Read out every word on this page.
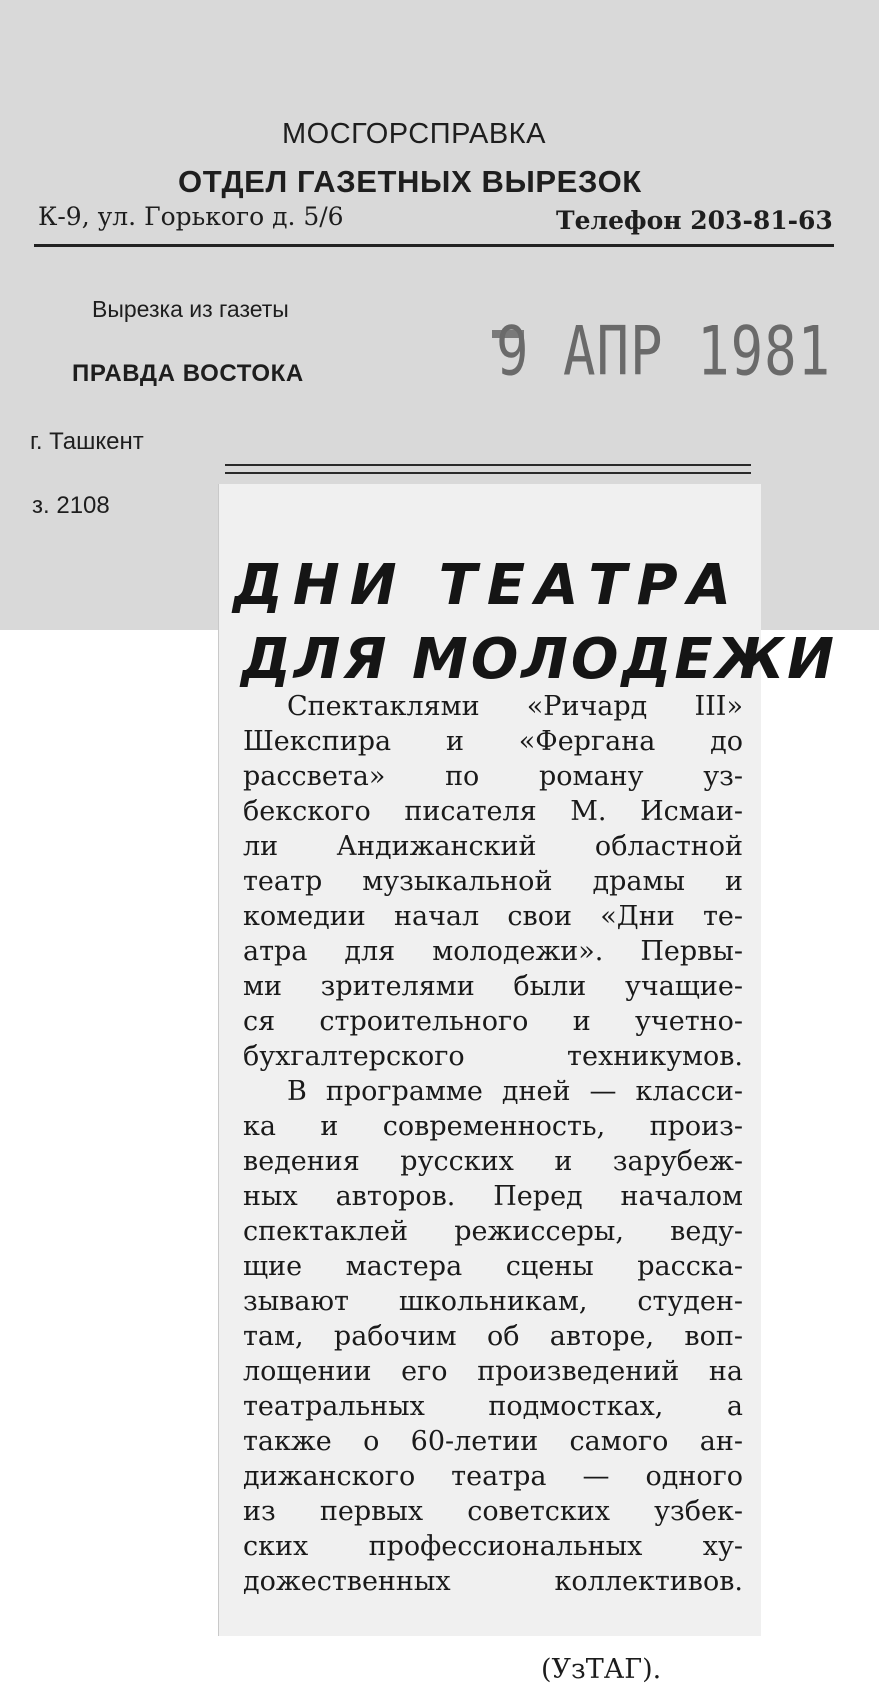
МОСГОРСПРАВКА
ОТДЕЛ ГАЗЕТНЫХ ВЫРЕЗОК
К-9, ул. Горького д. 5/6	Телефон 203-81-63
Вырезка из газеты
ПРАВДА ВОСТОКА
г. Ташкент
з. 2108
9 АПР 1981
ДНИ ТЕАТРА
ДЛЯ МОЛОДЕЖИ
Спектаклями «Ричард III»
Шекспира и «Фергана до
рассвета» по роману уз-
бекского писателя М. Исмаи-
ли Андижанский областной
театр музыкальной драмы и
комедии начал свои «Дни те-
атра для молодежи». Первы-
ми зрителями были учащие-
ся строительного и учетно-
бухгалтерского техникумов.
В программе дней — класси-
ка и современность, произ-
ведения русских и зарубеж-
ных авторов. Перед началом
спектаклей режиссеры, веду-
щие мастера сцены расска-
зывают школьникам, студен-
там, рабочим об авторе, воп-
лощении его произведений на
театральных подмостках, а
также о 60-летии самого ан-
дижанского театра — одного
из первых советских узбек-
ских профессиональных ху-
дожественных коллективов.
(УзТАГ).
